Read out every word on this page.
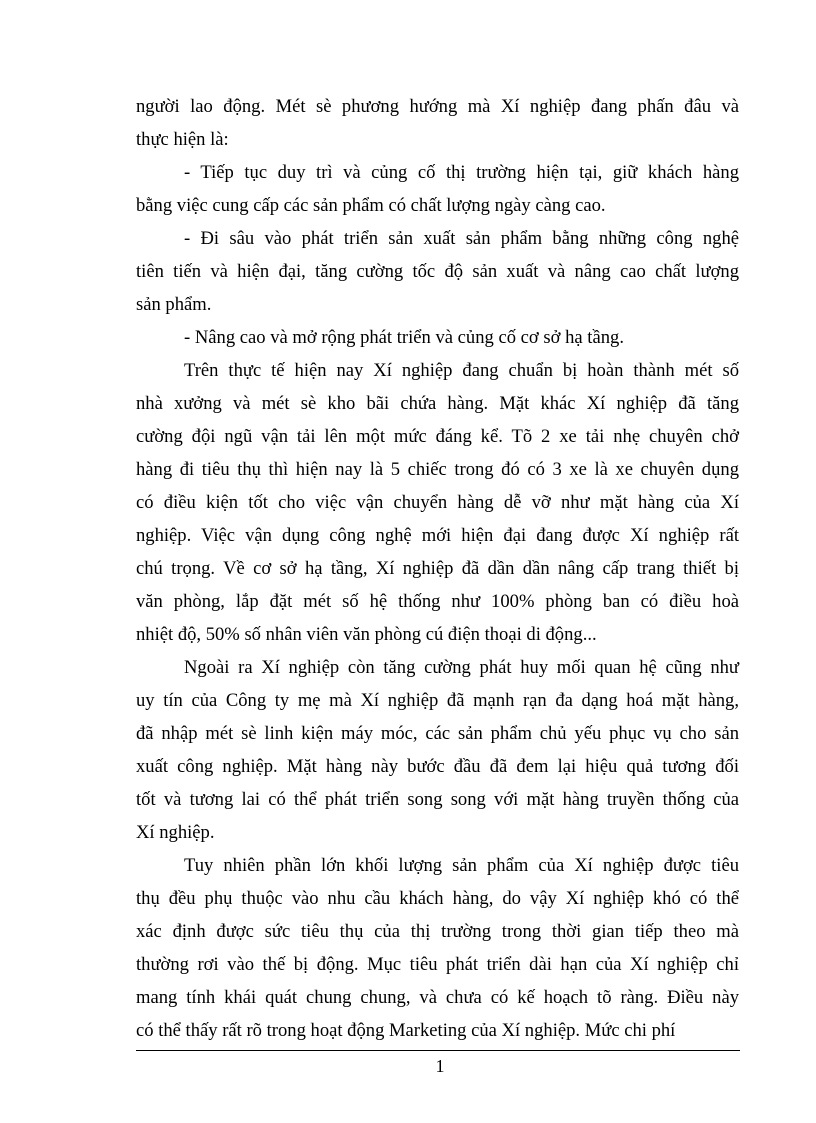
người lao động. Mét sè phương hướng mà Xí nghiệp đang phấn đâu và
thực hiện là:

- Tiếp tục duy trì và củng cố thị trường hiện tại, giữ khách hàng
bằng việc cung cấp các sản phẩm có chất lượng ngày càng cao.

- Đi sâu vào phát triển sản xuất sản phẩm bằng những công nghệ
tiên tiến và hiện đại, tăng cường tốc độ sản xuất và nâng cao chất lượng
sản phẩm.

- Nâng cao và mở rộng phát triển và củng cố cơ sở hạ tầng.

Trên thực tế hiện nay Xí nghiệp đang chuẩn bị hoàn thành mét số
nhà xưởng và mét sè kho bãi chứa hàng. Mặt khác Xí nghiệp đã tăng
cường đội ngũ vận tải lên một mức đáng kể. Tõ 2 xe tải nhẹ chuyên chở
hàng đi tiêu thụ thì hiện nay là 5 chiếc trong đó có 3 xe là xe chuyên dụng
có điều kiện tốt cho việc vận chuyển hàng dễ vỡ như mặt hàng của Xí
nghiệp. Việc vận dụng công nghệ mới hiện đại đang được Xí nghiệp rất
chú trọng. Về cơ sở hạ tầng, Xí nghiệp đã dần dần nâng cấp trang thiết bị
văn phòng, lắp đặt mét số hệ thống như 100% phòng ban có điều hoà
nhiệt độ, 50% số nhân viên văn phòng cú điện thoại di động...

Ngoài ra Xí nghiệp còn tăng cường phát huy mối quan hệ cũng như
uy tín của Công ty mẹ mà Xí nghiệp đã mạnh rạn đa dạng hoá mặt hàng,
đã nhập mét sè linh kiện máy móc, các sản phẩm chủ yếu phục vụ cho sản
xuất công nghiệp. Mặt hàng này bước đầu đã đem lại hiệu quả tương đối
tốt và tương lai có thể phát triển song song với mặt hàng truyền thống của
Xí nghiệp.

Tuy nhiên phần lớn khối lượng sản phẩm của Xí nghiệp được tiêu
thụ đều phụ thuộc vào nhu cầu khách hàng, do vậy Xí nghiệp khó có thể
xác định được sức tiêu thụ của thị trường trong thời gian tiếp theo mà
thường rơi vào thế bị động. Mục tiêu phát triển dài hạn của Xí nghiệp chỉ
mang tính khái quát chung chung, và chưa có kế hoạch tõ ràng. Điều này
có thể thấy rất rõ trong hoạt động Marketing của Xí nghiệp. Mức chi phí

1
